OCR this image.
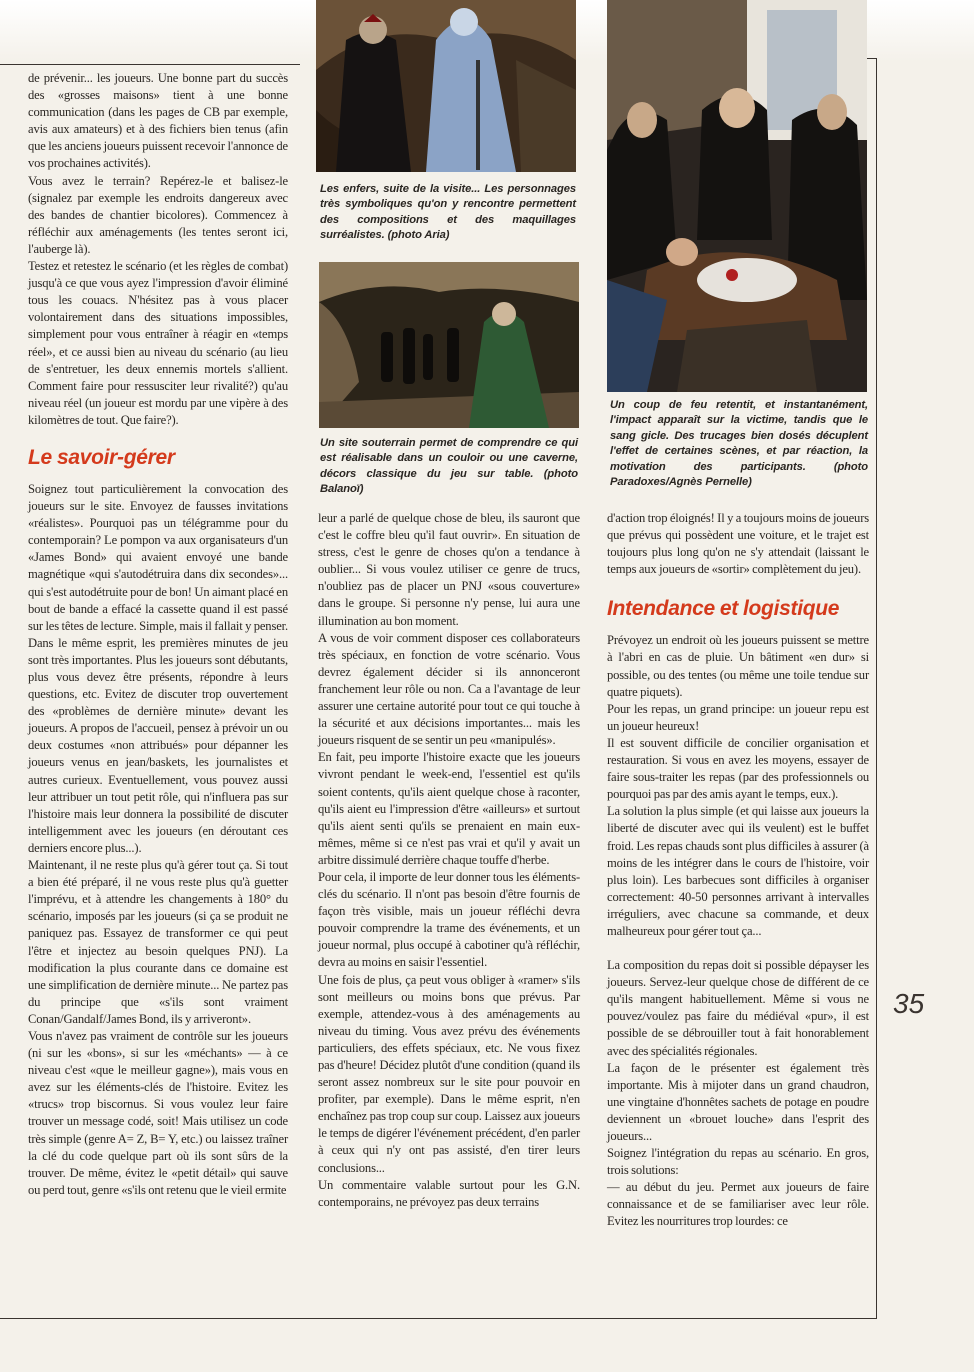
de prévenir... les joueurs. Une bonne part du succès des «grosses maisons» tient à une bonne communication (dans les pages de CB par exemple, avis aux amateurs) et à des fichiers bien tenus (afin que les anciens joueurs puissent recevoir l'annonce de vos prochaines activités).

Vous avez le terrain? Repérez-le et balisez-le (signalez par exemple les endroits dangereux avec des bandes de chantier bicolores). Commencez à réfléchir aux aménagements (les tentes seront ici, l'auberge là).

Testez et retestez le scénario (et les règles de combat) jusqu'à ce que vous ayez l'impression d'avoir éliminé tous les couacs. N'hésitez pas à vous placer volontairement dans des situations impossibles, simplement pour vous entraîner à réagir en «temps réel», et ce aussi bien au niveau du scénario (au lieu de s'entretuer, les deux ennemis mortels s'allient. Comment faire pour ressusciter leur rivalité?) qu'au niveau réel (un joueur est mordu par une vipère à des kilomètres de tout. Que faire?).

Le savoir-gérer

Soignez tout particulièrement la convocation des joueurs sur le site. Envoyez de fausses invitations «réalistes». Pourquoi pas un télégramme pour du contemporain? Le pompon va aux organisateurs d'un «James Bond» qui avaient envoyé une bande magnétique «qui s'autodétruira dans dix secondes»... qui s'est autodétruite pour de bon! Un aimant placé en bout de bande a effacé la cassette quand il est passé sur les têtes de lecture. Simple, mais il fallait y penser.

Dans le même esprit, les premières minutes de jeu sont très importantes. Plus les joueurs sont débutants, plus vous devez être présents, répondre à leurs questions, etc. Evitez de discuter trop ouvertement des «problèmes de dernière minute» devant les joueurs. A propos de l'accueil, pensez à prévoir un ou deux costumes «non attribués» pour dépanner les joueurs venus en jean/baskets, les journalistes et autres curieux. Eventuellement, vous pouvez aussi leur attribuer un tout petit rôle, qui n'influera pas sur l'histoire mais leur donnera la possibilité de discuter intelligemment avec les joueurs (en déroutant ces derniers encore plus...).

Maintenant, il ne reste plus qu'à gérer tout ça. Si tout a bien été préparé, il ne vous reste plus qu'à guetter l'imprévu, et à attendre les changements à 180° du scénario, imposés par les joueurs (si ça se produit ne paniquez pas. Essayez de transformer ce qui peut l'être et injectez au besoin quelques PNJ). La modification la plus courante dans ce domaine est une simplification de dernière minute... Ne partez pas du principe que «s'ils sont vraiment Conan/Gandalf/James Bond, ils y arriveront».

Vous n'avez pas vraiment de contrôle sur les joueurs (ni sur les «bons», si sur les «méchants» — à ce niveau c'est «que le meilleur gagne»), mais vous en avez sur les éléments-clés de l'histoire. Evitez les «trucs» trop biscornus. Si vous voulez leur faire trouver un message codé, soit! Mais utilisez un code très simple (genre A= Z, B= Y, etc.) ou laissez traîner la clé du code quelque part où ils sont sûrs de la trouver. De même, évitez le «petit détail» qui sauve ou perd tout, genre «s'ils ont retenu que le vieil ermite

Les enfers, suite de la visite... Les personnages très symboliques qu'on y rencontre permettent des compositions et des maquillages surréalistes. (photo Aria)
Un site souterrain permet de comprendre ce qui est réalisable dans un couloir ou une caverne, décors classique du jeu sur table. (photo Balanoï)

leur a parlé de quelque chose de bleu, ils sauront que c'est le coffre bleu qu'il faut ouvrir». En situation de stress, c'est le genre de choses qu'on a tendance à oublier... Si vous voulez utiliser ce genre de trucs, n'oubliez pas de placer un PNJ «sous couverture» dans le groupe. Si personne n'y pense, lui aura une illumination au bon moment.

A vous de voir comment disposer ces collaborateurs très spéciaux, en fonction de votre scénario. Vous devrez également décider si ils annonceront franchement leur rôle ou non. Ca a l'avantage de leur assurer une certaine autorité pour tout ce qui touche à la sécurité et aux décisions importantes... mais les joueurs risquent de se sentir un peu «manipulés».

En fait, peu importe l'histoire exacte que les joueurs vivront pendant le week-end, l'essentiel est qu'ils soient contents, qu'ils aient quelque chose à raconter, qu'ils aient eu l'impression d'être «ailleurs» et surtout qu'ils aient senti qu'ils se prenaient en main eux-mêmes, même si ce n'est pas vrai et qu'il y avait un arbitre dissimulé derrière chaque touffe d'herbe.

Pour cela, il importe de leur donner tous les éléments-clés du scénario. Il n'ont pas besoin d'être fournis de façon très visible, mais un joueur réfléchi devra pouvoir comprendre la trame des événements, et un joueur normal, plus occupé à cabotiner qu'à réfléchir, devra au moins en saisir l'essentiel.

Une fois de plus, ça peut vous obliger à «ramer» s'ils sont meilleurs ou moins bons que prévus. Par exemple, attendez-vous à des aménagements au niveau du timing. Vous avez prévu des événements particuliers, des effets spéciaux, etc. Ne vous fixez pas d'heure! Décidez plutôt d'une condition (quand ils seront assez nombreux sur le site pour pouvoir en profiter, par exemple). Dans le même esprit, n'en enchaînez pas trop coup sur coup. Laissez aux joueurs le temps de digérer l'événement précédent, d'en parler à ceux qui n'y ont pas assisté, d'en tirer leurs conclusions...

Un commentaire valable surtout pour les G.N. contemporains, ne prévoyez pas deux terrains

Un coup de feu retentit, et instantanément, l'impact apparaît sur la victime, tandis que le sang gicle. Des trucages bien dosés décuplent l'effet de certaines scènes, et par réaction, la motivation des participants. (photo Paradoxes/Agnès Pernelle)

d'action trop éloignés! Il y a toujours moins de joueurs que prévus qui possèdent une voiture, et le trajet est toujours plus long qu'on ne s'y attendait (laissant le temps aux joueurs de «sortir» complètement du jeu).

Intendance et logistique

Prévoyez un endroit où les joueurs puissent se mettre à l'abri en cas de pluie. Un bâtiment «en dur» si possible, ou des tentes (ou même une toile tendue sur quatre piquets).

Pour les repas, un grand principe: un joueur repu est un joueur heureux!

Il est souvent difficile de concilier organisation et restauration. Si vous en avez les moyens, essayer de faire sous-traiter les repas (par des professionnels ou pourquoi pas par des amis ayant le temps, eux.).

La solution la plus simple (et qui laisse aux joueurs la liberté de discuter avec qui ils veulent) est le buffet froid. Les repas chauds sont plus difficiles à assurer (à moins de les intégrer dans le cours de l'histoire, voir plus loin). Les barbecues sont difficiles à organiser correctement: 40-50 personnes arrivant à intervalles irréguliers, avec chacune sa commande, et deux malheureux pour gérer tout ça...

La composition du repas doit si possible dépayser les joueurs. Servez-leur quelque chose de différent de ce qu'ils mangent habituellement. Même si vous ne pouvez/voulez pas faire du médiéval «pur», il est possible de se débrouiller tout à fait honorablement avec des spécialités régionales.

La façon de le présenter est également très importante. Mis à mijoter dans un grand chaudron, une vingtaine d'honnêtes sachets de potage en poudre deviennent un «brouet louche» dans l'esprit des joueurs...

Soignez l'intégration du repas au scénario. En gros, trois solutions:

— au début du jeu. Permet aux joueurs de faire connaissance et de se familiariser avec leur rôle. Evitez les nourritures trop lourdes: ce

35
